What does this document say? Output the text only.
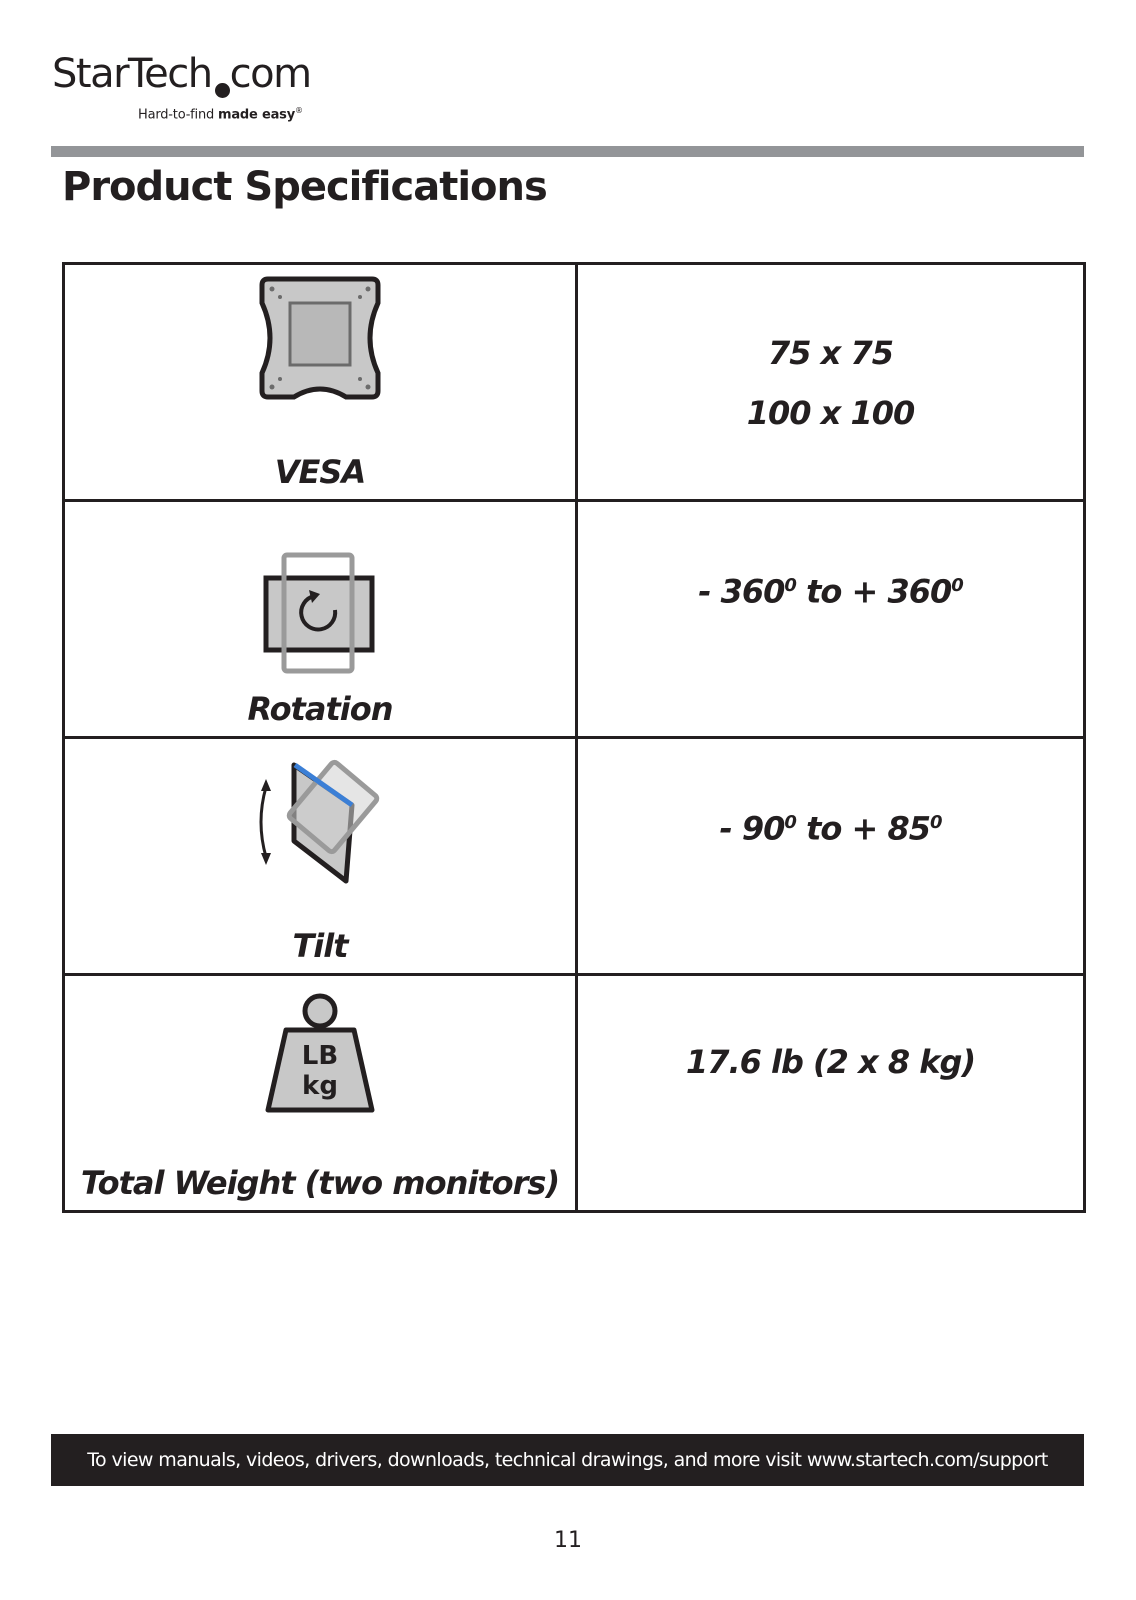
StarTech com
Hard-to-find made easy®
Product Specifications
VESA	75 x 75
100 x 100

Rotation	- $360^0$ to + $360^0$

Tilt	- $90^0$ to + $85^0$

LB
kg
Total Weight (two monitors)	17.6 lb (2 x 8 kg)
To view manuals, videos, drivers, downloads, technical drawings, and more visit www.startech.com/support
11
